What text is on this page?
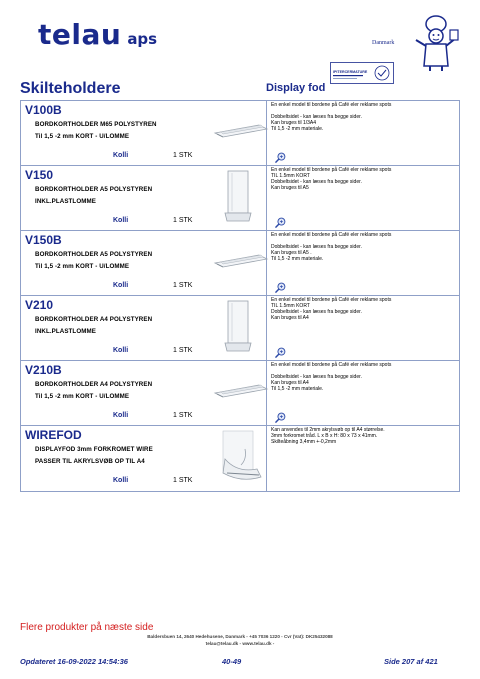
telau aps	Danmark
IPITERCERMATURE
Skilteholdere	Display fod
V100B
BORDKORTHOLDER M65 POLYSTYREN
Til 1,5 -2 mm KORT - U/LOMME
Kolli	1 STK
En enkel model til bordene på Café eler reklame spots
Dobbeltsidet - kan læses fra begge sider.
Kan bruges til 1/3A4
Til 1,5 -2 mm materiale.
V150
BORDKORTHOLDER A5 POLYSTYREN
INKL.PLASTLOMME
Kolli	1 STK
En enkel model til bordene på Café eler reklame spots
TIL 1.5mm KORT
Dobbeltsidet - kan læses fra begge sider.
Kan bruges til A5
V150B
BORDKORTHOLDER A5 POLYSTYREN
Til 1,5 -2 mm KORT - U/LOMME
Kolli	1 STK
En enkel model til bordene på Café eler reklame spots
Dobbeltsidet - kan læses fra begge sider.
Kan bruges til A5 .
Til 1,5 -2 mm materiale.
V210
BORDKORTHOLDER A4 POLYSTYREN
INKL.PLASTLOMME
Kolli	1 STK
En enkel model til bordene på Café eler reklame spots
TIL 1.5mm KORT
Dobbeltsidet - kan læses fra begge sider.
Kan bruges til A4
V210B
BORDKORTHOLDER A4 POLYSTYREN
Til 1,5 -2 mm KORT - U/LOMME
Kolli	1 STK
En enkel model til bordene på Café eler reklame spots
Dobbeltsidet - kan læses fra begge sider.
Kan bruges til A4
Til 1,5 -2 mm materiale.
WIREFOD
DISPLAYFOD 3mm FORKROMET WIRE
PASSER TIL AKRYLSVØB OP TIL A4
Kolli	1 STK
Kan anvendes til 2mm akrylsvøb op til A4 størrelse.
3mm forkromet tråd. L x B x H: 80 x 73 x 41mm.
Skilteåbning 3,4mm +-0,2mm
Flere produkter på næste side
Baldersbuen 14, 2640 Hedehusene, Danmark - +45 7036 1220 - Cvr (Vat): DK25432088
telau@telau.dk - www.telau.dk -
Opdateret 16-09-2022 14:54:36	40-49	Side 207 af 421
